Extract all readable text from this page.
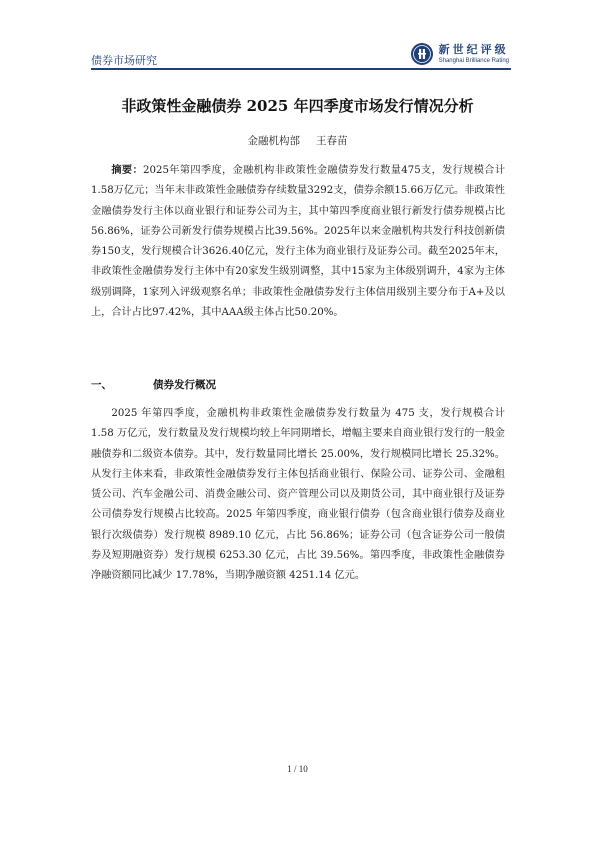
债券市场研究
新世纪评级
Shanghai Brilliance Rating
非政策性金融债券 2025 年四季度市场发行情况分析
金融机构部 王春苗
摘要：2025年第四季度，金融机构非政策性金融债券发行数量475支，发行规模合计1.58万亿元；当年末非政策性金融债券存续数量3292支，债券余额15.66万亿元。非政策性金融债券发行主体以商业银行和证券公司为主，其中第四季度商业银行新发行债券规模占比56.86%，证券公司新发行债券规模占比39.56%。2025年以来金融机构共发行科技创新债券150支，发行规模合计3626.40亿元，发行主体为商业银行及证券公司。截至2025年末，非政策性金融债券发行主体中有20家发生级别调整，其中15家为主体级别调升，4家为主体级别调降，1家列入评级观察名单；非政策性金融债券发行主体信用级别主要分布于A+及以上，合计占比97.42%，其中AAA级主体占比50.20%。
一、	债券发行概况
2025 年第四季度，金融机构非政策性金融债券发行数量为 475 支，发行规模合计 1.58 万亿元，发行数量及发行规模均较上年同期增长，增幅主要来自商业银行发行的一般金融债券和二级资本债券。其中，发行数量同比增长 25.00%，发行规模同比增长 25.32%。从发行主体来看，非政策性金融债券发行主体包括商业银行、保险公司、证券公司、金融租赁公司、汽车金融公司、消费金融公司、资产管理公司以及期货公司，其中商业银行及证券公司债券发行规模占比较高。2025 年第四季度，商业银行债券（包含商业银行债券及商业银行次级债券）发行规模 8989.10 亿元，占比 56.86%；证券公司（包含证券公司一般债券及短期融资券）发行规模 6253.30 亿元，占比 39.56%。第四季度，非政策性金融债券净融资额同比减少 17.78%，当期净融资额 4251.14 亿元。
1 / 10
